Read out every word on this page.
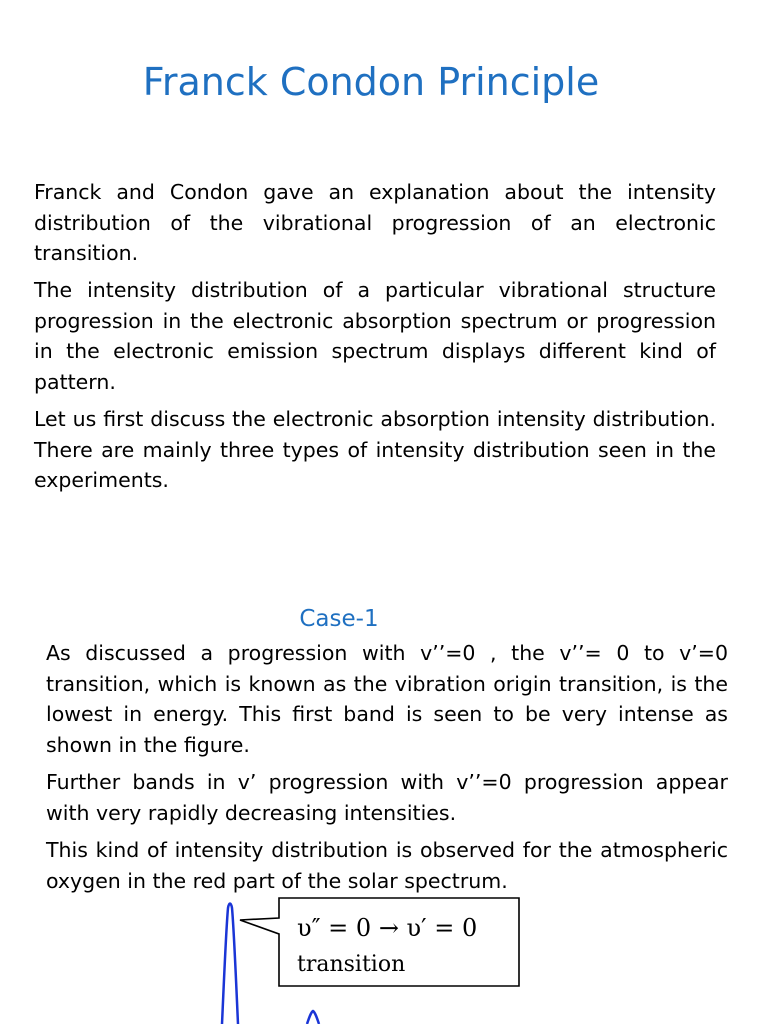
Franck Condon Principle

Franck and Condon gave an explanation about the intensity distribution of the vibrational progression of an electronic transition.

The intensity distribution of a particular vibrational structure progression in the electronic absorption spectrum or progression in the electronic emission spectrum displays different kind of pattern.

Let us first discuss the electronic absorption intensity distribution. There are mainly three types of intensity distribution seen in the experiments.

Case-1

As discussed a progression with v’’=0 , the v’’= 0 to v’=0 transition, which is known as the vibration origin transition, is the lowest in energy. This first band is seen to be very intense as shown in the figure.

Further bands in v’ progression with v’’=0 progression appear with very rapidly decreasing intensities.

This kind of intensity distribution is observed for the atmospheric oxygen in the red part of the solar spectrum.

υ″ = 0 → υ′ = 0
transition
